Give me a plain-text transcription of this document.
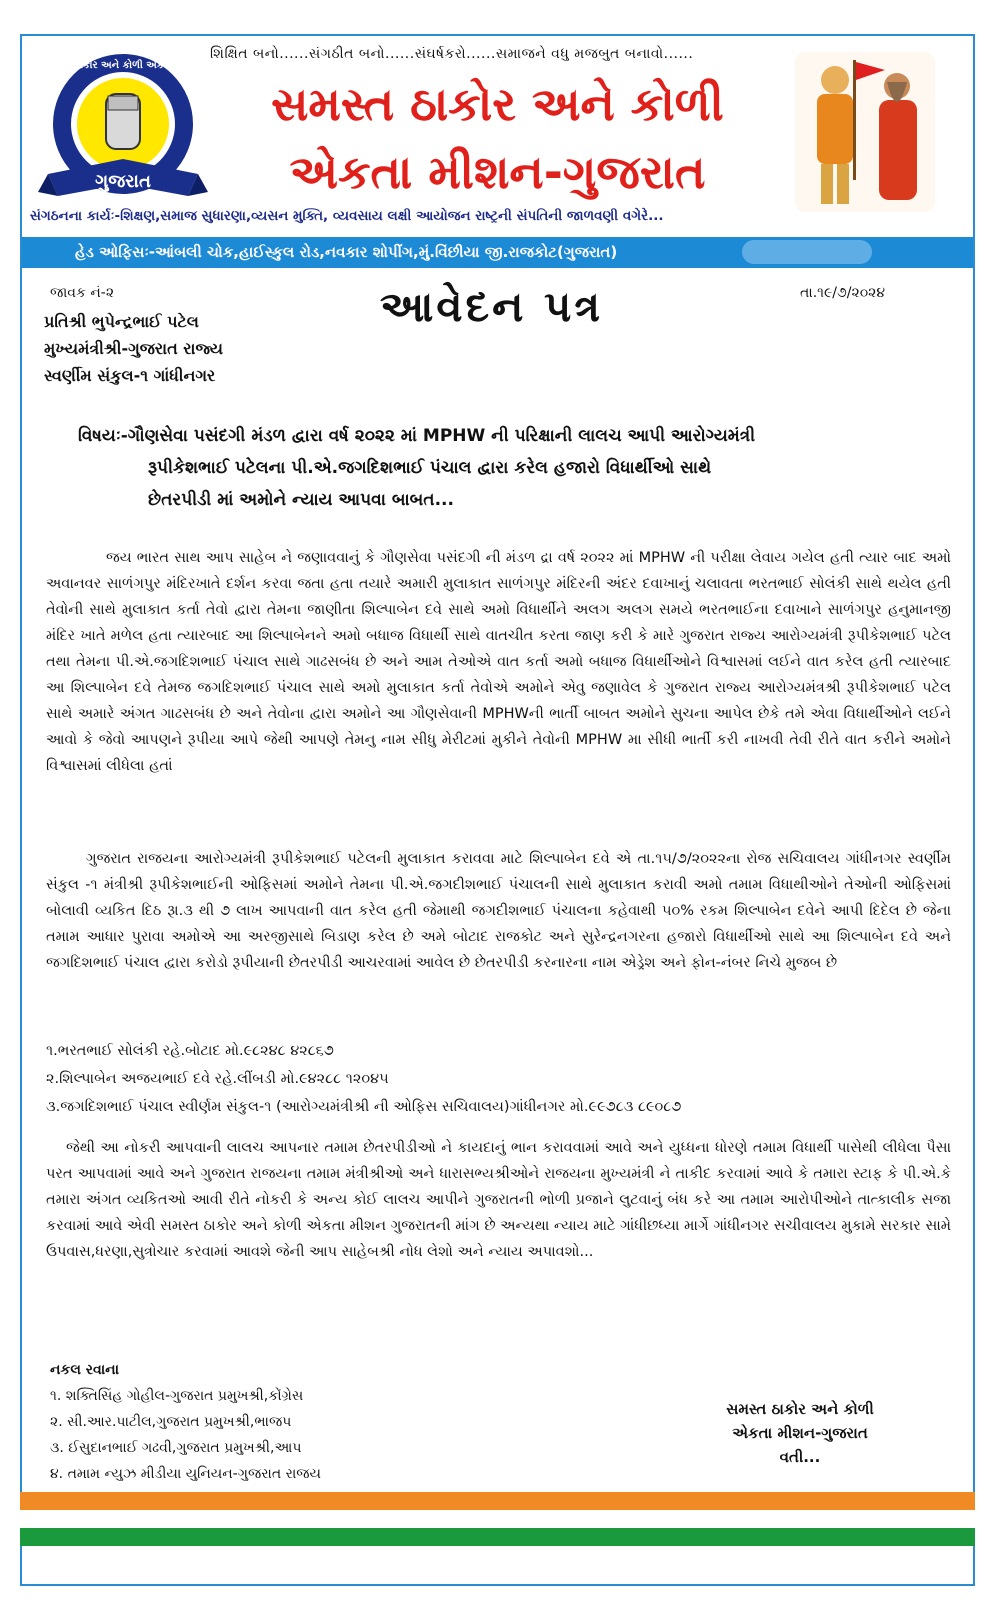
ગુજરાત
સમસ્ત ઠાકોર અને કોળી એકતા મીશન
શિક્ષિત બનો......સંગઠીત બનો......સંઘર્ષકરો......સમાજને વધુ મજબુત બનાવો......
સમસ્ત ઠાકોર અને કોળી
એકતા મીશન-ગુજરાત
સંગઠનના કાર્યઃ-શિક્ષણ,સમાજ સુધારણા,વ્યસન મુક્તિ, વ્યવસાય લક્ષી આયોજન રાષ્ટ્રની સંપતિની જાળવણી વગેરે...
હેડ ઓફિસઃ-આંબલી ચોક,હાઈસ્કુલ રોડ,નવકાર શોપીંગ,મું.વિંછીયા જી.રાજકોટ(ગુજરાત)
જાવક નં-૨	આવેદન પત્ર	તા.૧૯/૭/૨૦૨૪
પ્રતિશ્રી ભુપેન્દ્રભાઈ પટેલ
મુખ્યમંત્રીશ્રી-ગુજરાત રાજ્ય
સ્વર્ણીમ સંકુલ-૧ ગાંધીનગર
વિષયઃ-ગૌણસેવા પસંદગી મંડળ દ્વારા વર્ષ ૨૦૨૨ માં MPHW ની પરિક્ષાની લાલચ આપી આરોગ્યમંત્રી
રૂપીકેશભાઈ પટેલના પી.એ.જગદિશભાઈ પંચાલ દ્વારા કરેલ હજારો વિધાર્થીઓ સાથે
છેતરપીડી માં અમોને ન્યાય આપવા બાબત...
જય ભારત સાથ આપ સાહેબ ને જણાવવાનું કે ગૌણસેવા પસંદગી ની મંડળ દ્રા વર્ષ ૨૦૨૨ માં MPHW ની પરીક્ષા લેવાય ગયેલ હતી ત્યાર બાદ અમો અવાનવર સાળંગપુર મંદિરખાતે દર્શન કરવા જતા હતા તયારે અમારી મુલાકાત સાળંગપુર મંદિરની અંદર દવાખાનું ચલાવતા ભરતભાઈ સોલંકી સાથે થયેલ હતી તેવોની સાથે મુલાકાત કર્તા તેવો દ્વારા તેમના જાણીતા શિલ્પાબેન દવે સાથે અમો વિધાર્થીને અલગ અલગ સમયે ભરતભાઈના દવાખાને સાળંગપુર હનુમાનજી મંદિર ખાતે મળેલ હતા ત્યારબાદ આ શિલ્પાબેનને અમો બધાજ વિધાર્થી સાથે વાતચીત કરતા જાણ કરી કે મારે ગુજરાત રાજ્ય આરોગ્યમંત્રી રૂપીકેશભાઈ પટેલ તથા તેમના પી.એ.જગદિશભાઈ પંચાલ સાથે ગાઢસબંધ છે અને આમ તેઓએ વાત કર્તા અમો બધાજ વિધાર્થીઓને વિશ્વાસમાં લઈને વાત કરેલ હતી ત્યારબાદ આ શિલ્પાબેન દવે તેમજ જગદિશભાઈ પંચાલ સાથે અમો મુલાકાત કર્તા તેવોએ અમોને એવુ જણાવેલ કે ગુજરાત રાજ્ય આરોગ્યમંત્રશ્રી રૂપીકેશભાઈ પટેલ સાથે અમારે અંગત ગાઢસબંધ છે અને તેવોના દ્વારા અમોને આ ગૌણસેવાની MPHWની ભાર્તી બાબત અમોને સુચના આપેલ છેકે તમે એવા વિધાર્થીઓને લઈને આવો કે જેવો આપણને રૂપીયા આપે જેથી આપણે તેમનુ નામ સીધુ મેરીટમાં મુકીને તેવોની MPHW મા સીધી ભાર્તી કરી નાખવી તેવી રીતે વાત કરીને અમોને વિશ્વાસમાં લીધેલા હતાં
ગુજરાત રાજયના આરોગ્યમંત્રી રૂપીકેશભાઈ પટેલની મુલાકાત કરાવવા માટે શિલ્પાબેન દવે એ તા.૧૫/૭/૨૦૨૨ના રોજ સચિવાલય ગાંધીનગર સ્વર્ણીમ સંકુલ -૧ મંત્રીશ્રી રૂપીકેશભાઈની ઓફિસમાં અમોને તેમના પી.એ.જગદીશભાઈ પંચાલની સાથે મુલાકાત કરાવી અમો તમામ વિધાથીઓને તેઓની ઓફિસમાં બોલાવી વ્યકિત દિઠ રૂા.૩ થી ૭ લાખ આપવાની વાત કરેલ હતી જેમાથી જગદીશભાઈ પંચાલના કહેવાથી ૫૦% રકમ શિલ્પાબેન દવેને આપી દિદેલ છે જેના તમામ આધાર પુરાવા અમોએ આ અરજીસાથે બિડાણ કરેલ છે અમે બોટાદ રાજકોટ અને સુરેન્દ્રનગરના હજારો વિધાર્થીઓ સાથે આ શિલ્પાબેન દવે અને જગદિશભાઈ પંચાલ દ્વારા કરોડો રૂપીયાની છેતરપીડી આચરવામાં આવેલ છે છેતરપીડી કરનારના નામ એડ્રેશ અને ફોન-નંબર નિચે મુજબ છે
૧.ભરતભાઈ સોલંકી રહે.બોટાદ મો.૯૮૨૪૮ ૪૨૮૬૭
૨.શિલ્પાબેન અજયભાઈ દવે રહે.લીંબડી મો.૯૪૨૮૮ ૧૨૦૪૫
૩.જગદિશભાઈ પંચાલ સ્વીર્ણમ સંકુલ-૧ (આરોગ્યમંત્રીશ્રી ની ઓફિસ સચિવાલય)ગાંધીનગર મો.૯૯૭૮૩ ૮૯૦૮૭
જેથી આ નોકરી આપવાની લાલચ આપનાર તમામ છેતરપીડીઓ ને કાયદાનું ભાન કરાવવામાં આવે અને યુધ્ધના ધોરણે તમામ વિધાર્થી પાસેથી લીધેલા પૈસા પરત આપવામાં આવે અને ગુજરાત રાજયના તમામ મંત્રીશ્રીઓ અને ધારાસભ્યશ્રીઓને રાજયના મુખ્યમંત્રી ને તાકીદ કરવામાં આવે કે તમારા સ્ટાફ કે પી.એ.કે તમારા અંગત વ્યકિતઓ આવી રીતે નોકરી કે અન્ય કોઈ લાલચ આપીને ગુજરાતની ભોળી પ્રજાને લુટવાનું બંધ કરે આ તમામ આરોપીઓને તાત્કાલીક સજા કરવામાં આવે એવી સમસ્ત ઠાકોર અને કોળી એકતા મીશન ગુજરાતની માંગ છે અન્યથા ન્યાય માટે ગાંધીછધ્યા માર્ગે ગાંધીનગર સચીવાલય મુકામે સરકાર સામે ઉપવાસ,ધરણા,સુત્રોચાર કરવામાં આવશે જેની આપ સાહેબશ્રી નોધ લેશો અને ન્યાય અપાવશો...
નકલ રવાના
૧. શક્તિસિંહ ગોહીલ-ગુજરાત પ્રમુખશ્રી,કોંગ્રેસ
૨. સી.આર.પાટીલ,ગુજરાત પ્રમુખશ્રી,ભાજપ
૩. ઈસુદાનભાઈ ગઢવી,ગુજરાત પ્રમુખશ્રી,આપ
૪. તમામ ન્યુઝ મીડીયા યુનિયન-ગુજરાત રાજય
સમસ્ત ઠાકોર અને કોળી
એકતા મીશન-ગુજરાત
વતી...
